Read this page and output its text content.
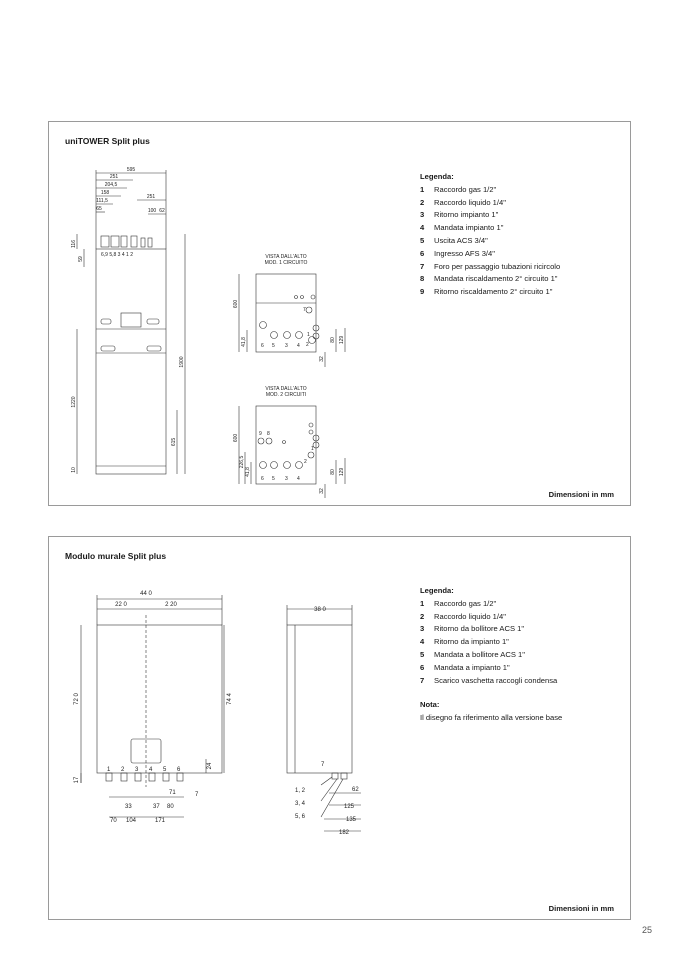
uniTOWER Split plus
595
251
204,5
158
111,5
65
251
100 62
6,9 5,8 3 4 1 2
116
59
1220
10
1900
615
VISTA DALL'ALTO
MOD. 1 CIRCUITO
600
41,8	80 129
32
6 5 3 4
7
1
2
VISTA DALL'ALTO
MOD. 2 CIRCUITI
600
226,5
41,8	80 129
32
9 8
6 5 3 4
1
2
Legenda:
1 Raccordo gas 1/2"
2 Raccordo liquido 1/4"
3 Ritorno impianto 1"
4 Mandata impianto 1"
5 Uscita ACS 3/4"
6 Ingresso AFS 3/4"
7 Foro per passaggio tubazioni ricircolo
8 Mandata riscaldamento 2° circuito 1"
9 Ritorno riscaldamento 2° circuito 1"
Dimensioni in mm
Modulo murale Split plus
44 0
22 0	2 20
72 0	74 4
24
17
1 2 3 4 5 6
71	7
33	37 80
70 104	171
38 0
7
62
125
135
182
1, 2
3, 4
5, 6
Legenda:
1 Raccordo gas 1/2"
2 Raccordo liquido 1/4"
3 Ritorno da bollitore ACS 1"
4 Ritorno da impianto 1"
5 Mandata a bollitore ACS 1"
6 Mandata a impianto 1"
7 Scarico vaschetta raccogli condensa
Nota:
Il disegno fa riferimento alla versione base
Dimensioni in mm
25
